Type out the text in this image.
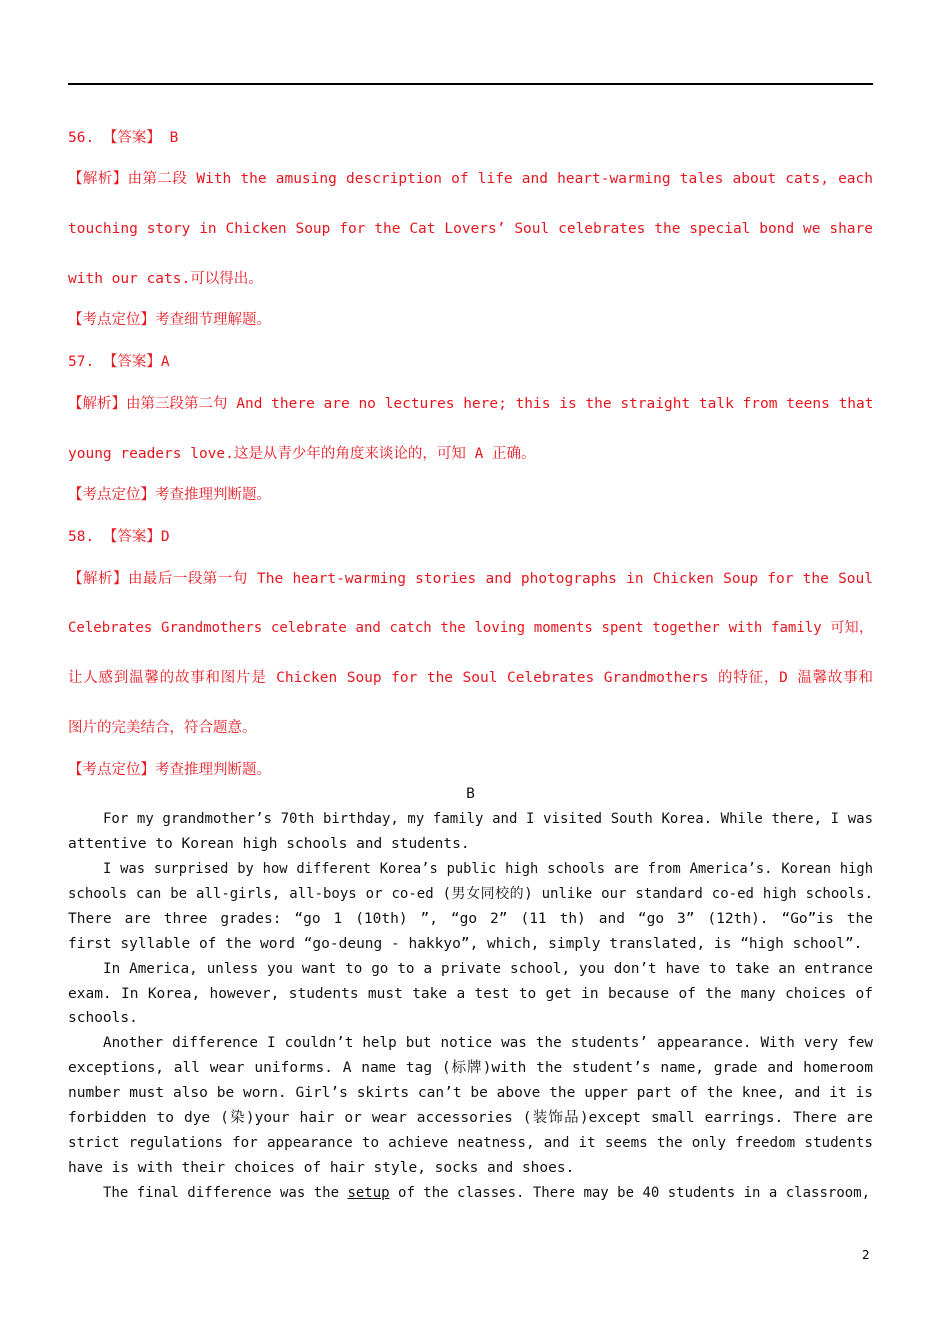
56. 【答案】 B
【解析】由第二段 With the amusing description of life and heart-warming tales about cats, each
touching story in Chicken Soup for the Cat Lovers’ Soul celebrates the special bond we share
with our cats.可以得出。
【考点定位】考查细节理解题。
57. 【答案】A
【解析】由第三段第二句 And there are no lectures here; this is the straight talk from teens that
young readers love.这是从青少年的角度来谈论的，可知 A 正确。
【考点定位】考查推理判断题。
58. 【答案】D
【解析】由最后一段第一句 The heart-warming stories and photographs in Chicken Soup for the Soul
Celebrates Grandmothers celebrate and catch the loving moments spent together with family 可知，
让人感到温馨的故事和图片是 Chicken Soup for the Soul Celebrates Grandmothers 的特征，D 温馨故事和
图片的完美结合，符合题意。
【考点定位】考查推理判断题。
B
For my grandmother’s 70th birthday, my family and I visited South Korea. While there, I was
attentive to Korean high schools and students.
I was surprised by how different Korea’s public high schools are from America’s. Korean high
schools can be all-girls, all-boys or co-ed (男女同校的) unlike our standard co-ed high schools.
There are three grades: “go 1 (10th) ”, “go 2” (11 th) and “go 3” (12th). “Go”is the
first syllable of the word “go-deung - hakkyo”, which, simply translated, is “high school”.
In America, unless you want to go to a private school, you don’t have to take an entrance
exam. In Korea, however, students must take a test to get in because of the many choices of
schools.
Another difference I couldn’t help but notice was the students’ appearance. With very few
exceptions, all wear uniforms. A name tag (标牌)with the student’s name, grade and homeroom
number must also be worn. Girl’s skirts can’t be above the upper part of the knee, and it is
forbidden to dye (染)your hair or wear accessories (装饰品)except small earrings. There are
strict regulations for appearance to achieve neatness, and it seems the only freedom students
have is with their choices of hair style, socks and shoes.
The final difference was the setup of the classes. There may be 40 students in a classroom,
2
